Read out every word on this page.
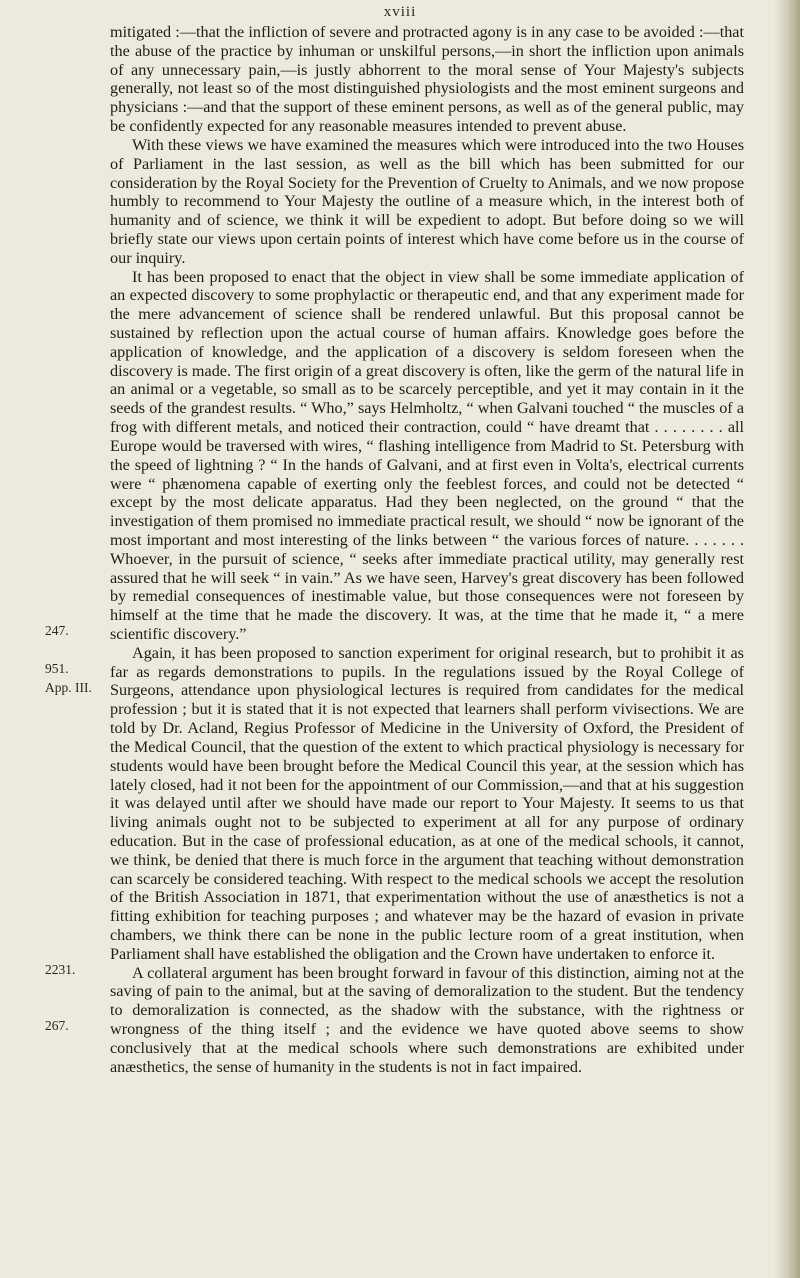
xviii

mitigated :—that the infliction of severe and protracted agony is in any case to be avoided :—that the abuse of the practice by inhuman or unskilful persons,—in short the infliction upon animals of any unnecessary pain,—is justly abhorrent to the moral sense of Your Majesty's subjects generally, not least so of the most distinguished physiologists and the most eminent surgeons and physicians :—and that the support of these eminent persons, as well as of the general public, may be confidently expected for any reasonable measures intended to prevent abuse.

With these views we have examined the measures which were introduced into the two Houses of Parliament in the last session, as well as the bill which has been submitted for our consideration by the Royal Society for the Prevention of Cruelty to Animals, and we now propose humbly to recommend to Your Majesty the outline of a measure which, in the interest both of humanity and of science, we think it will be expedient to adopt. But before doing so we will briefly state our views upon certain points of interest which have come before us in the course of our inquiry.

It has been proposed to enact that the object in view shall be some immediate application of an expected discovery to some prophylactic or therapeutic end, and that any experiment made for the mere advancement of science shall be rendered unlawful. But this proposal cannot be sustained by reflection upon the actual course of human affairs. Knowledge goes before the application of knowledge, and the application of a discovery is seldom foreseen when the discovery is made. The first origin of a great discovery is often, like the germ of the natural life in an animal or a vegetable, so small as to be scarcely perceptible, and yet it may contain in it the seeds of the grandest results. “ Who,” says Helmholtz, “ when Galvani touched “ the muscles of a frog with different metals, and noticed their contraction, could “ have dreamt that . . . . . . . . all Europe would be traversed with wires, “ flashing intelligence from Madrid to St. Petersburg with the speed of lightning ? “ In the hands of Galvani, and at first even in Volta's, electrical currents were “ phænomena capable of exerting only the feeblest forces, and could not be detected “ except by the most delicate apparatus. Had they been neglected, on the ground “ that the investigation of them promised no immediate practical result, we should “ now be ignorant of the most important and most interesting of the links between “ the various forces of nature. . . . . . . Whoever, in the pursuit of science, “ seeks after immediate practical utility, may generally rest assured that he will seek “ in vain.” As we have seen, Harvey's great discovery has been followed by remedial consequences of inestimable value, but those consequences were not foreseen by himself at the time that he made the discovery. It was, at the time that he made it, “ a mere scientific discovery.”

Again, it has been proposed to sanction experiment for original research, but to prohibit it as far as regards demonstrations to pupils. In the regulations issued by the Royal College of Surgeons, attendance upon physiological lectures is required from candidates for the medical profession ; but it is stated that it is not expected that learners shall perform vivisections. We are told by Dr. Acland, Regius Professor of Medicine in the University of Oxford, the President of the Medical Council, that the question of the extent to which practical physiology is necessary for students would have been brought before the Medical Council this year, at the session which has lately closed, had it not been for the appointment of our Commission,—and that at his suggestion it was delayed until after we should have made our report to Your Majesty. It seems to us that living animals ought not to be subjected to experiment at all for any purpose of ordinary education. But in the case of professional education, as at one of the medical schools, it cannot, we think, be denied that there is much force in the argument that teaching without demonstration can scarcely be considered teaching. With respect to the medical schools we accept the resolution of the British Association in 1871, that experimentation without the use of anæsthetics is not a fitting exhibition for teaching purposes ; and whatever may be the hazard of evasion in private chambers, we think there can be none in the public lecture room of a great institution, when Parliament shall have established the obligation and the Crown have undertaken to enforce it.

A collateral argument has been brought forward in favour of this distinction, aiming not at the saving of pain to the animal, but at the saving of demoralization to the student. But the tendency to demoralization is connected, as the shadow with the substance, with the rightness or wrongness of the thing itself ; and the evidence we have quoted above seems to show conclusively that at the medical schools where such demonstrations are exhibited under anæsthetics, the sense of humanity in the students is not in fact impaired.

247.
951.
App. III.
2231.
267.
